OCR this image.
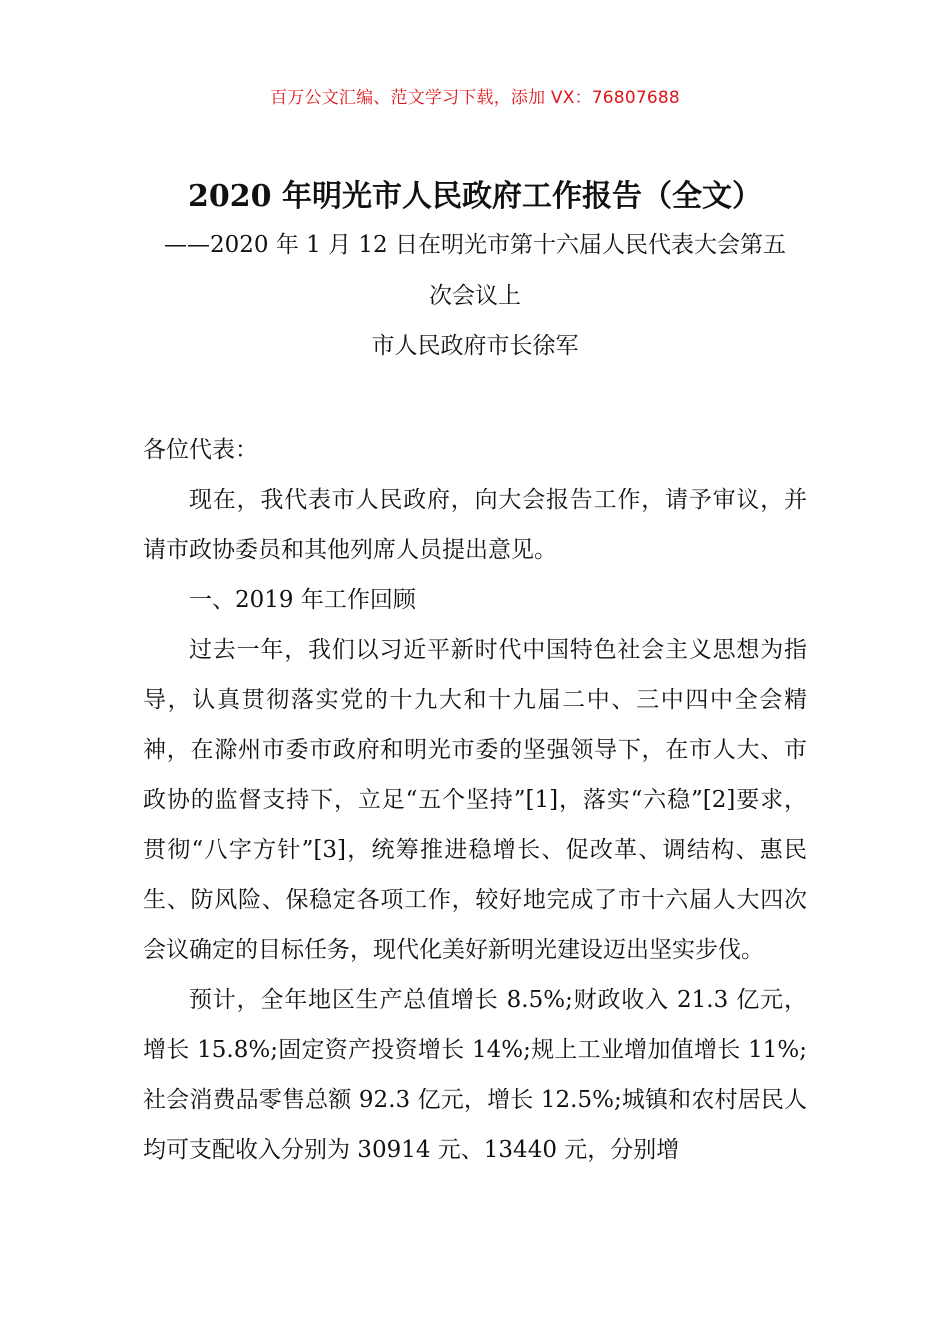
百万公文汇编、范文学习下载，添加 VX：76807688
2020 年明光市人民政府工作报告（全文）

——2020 年 1 月 12 日在明光市第十六届人民代表大会第五

次会议上

市人民政府市长徐军

各位代表：

现在，我代表市人民政府，向大会报告工作，请予审议，并请市政协委员和其他列席人员提出意见。

一、2019 年工作回顾

过去一年，我们以习近平新时代中国特色社会主义思想为指导，认真贯彻落实党的十九大和十九届二中、三中四中全会精神，在滁州市委市政府和明光市委的坚强领导下，在市人大、市政协的监督支持下，立足“五个坚持”[1]，落实“六稳”[2]要求，贯彻“八字方针”[3]，统筹推进稳增长、促改革、调结构、惠民生、防风险、保稳定各项工作，较好地完成了市十六届人大四次会议确定的目标任务，现代化美好新明光建设迈出坚实步伐。

预计，全年地区生产总值增长 8.5%;财政收入 21.3 亿元，增长 15.8%;固定资产投资增长 14%;规上工业增加值增长 11%;社会消费品零售总额 92.3 亿元，增长 12.5%;城镇和农村居民人均可支配收入分别为 30914 元、13440 元，分别增
